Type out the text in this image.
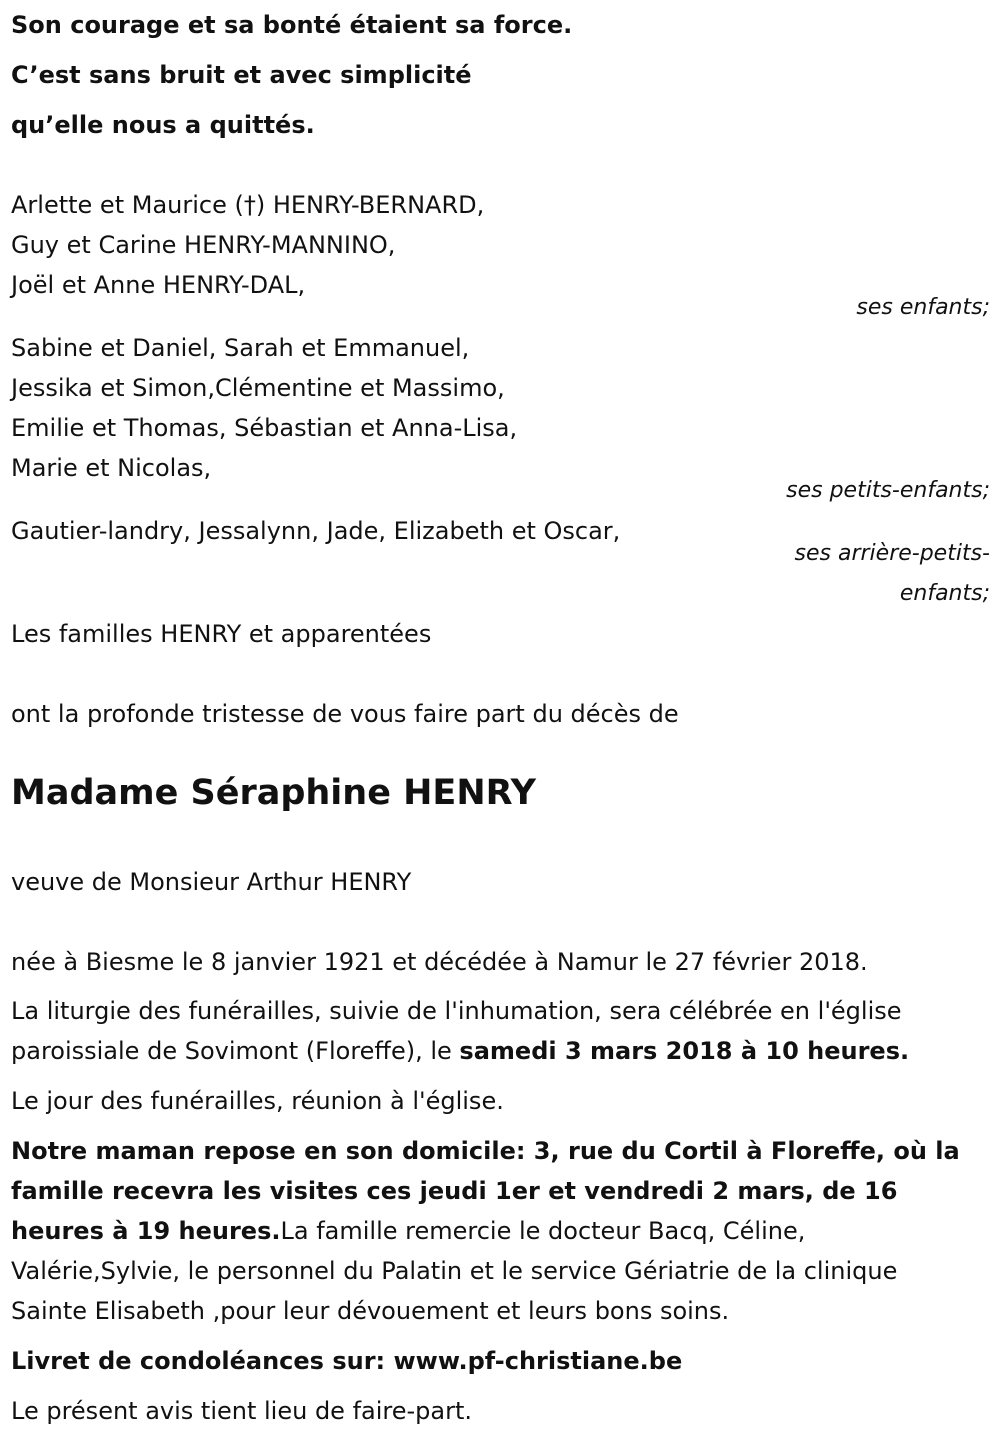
Son courage et sa bonté étaient sa force.
C’est sans bruit et avec simplicité
qu’elle nous a quittés.
Arlette et Maurice (†) HENRY-BERNARD,
Guy et Carine HENRY-MANNINO,
Joël et Anne HENRY-DAL,
ses enfants;
Sabine et Daniel, Sarah et Emmanuel,
Jessika et Simon,Clémentine et Massimo,
Emilie et Thomas, Sébastian et Anna-Lisa,
Marie et Nicolas,
ses petits-enfants;
Gautier-landry, Jessalynn, Jade, Elizabeth et Oscar,
ses arrière-petits-
enfants;
Les familles HENRY et apparentées
ont la profonde tristesse de vous faire part du décès de
Madame Séraphine HENRY
veuve de Monsieur Arthur HENRY
née à Biesme le 8 janvier 1921 et décédée à Namur le 27 février 2018.
La liturgie des funérailles, suivie de l'inhumation, sera célébrée en l'église
paroissiale de Sovimont (Floreffe), le samedi 3 mars 2018 à 10 heures.
Le jour des funérailles, réunion à l'église.
Notre maman repose en son domicile: 3, rue du Cortil à Floreffe, où la
famille recevra les visites ces jeudi 1er et vendredi 2 mars, de 16
heures à 19 heures.La famille remercie le docteur Bacq, Céline,
Valérie,Sylvie, le personnel du Palatin et le service Gériatrie de la clinique
Sainte Elisabeth ,pour leur dévouement et leurs bons soins.
Livret de condoléances sur: www.pf-christiane.be
Le présent avis tient lieu de faire-part.
